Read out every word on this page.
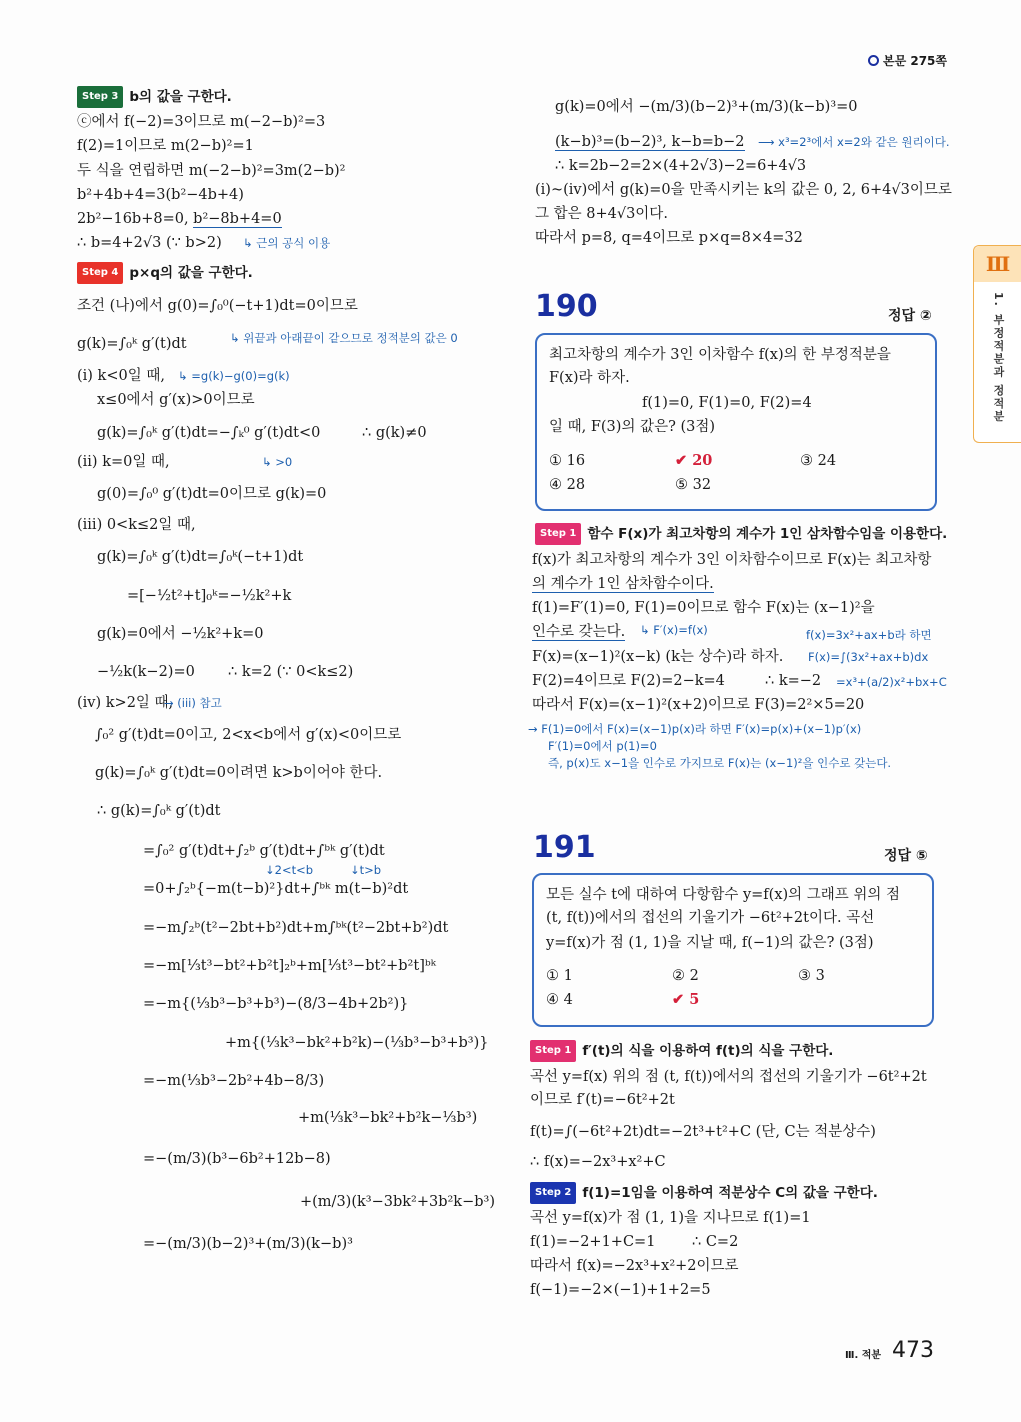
본문 275쪽
Ⅲ
1. 부정적분과 정적분
Step 3 b의 값을 구한다.
ⓒ에서 f(−2)=3이므로 m(−2−b)²=3
f(2)=1이므로 m(2−b)²=1
두 식을 연립하면 m(−2−b)²=3m(2−b)²
b²+4b+4=3(b²−4b+4)
2b²−16b+8=0, b²−8b+4=0
∴ b=4+2√3 (∵ b>2) ↳ 근의 공식 이용
Step 4 p×q의 값을 구한다.
조건 (나)에서 g(0)=∫₀⁰(−t+1)dt=0이므로
↳ 위끝과 아래끝이 같으므로 정적분의 값은 0
g(k)=∫₀ᵏ g′(t)dt
(i) k<0일 때, ↳ =g(k)−g(0)=g(k)
x≤0에서 g′(x)>0이므로
g(k)=∫₀ᵏ g′(t)dt=−∫ₖ⁰ g′(t)dt<0	∴ g(k)≠0
(ii) k=0일 때,	↳ >0
g(0)=∫₀⁰ g′(t)dt=0이므로 g(k)=0
(iii) 0<k≤2일 때,
g(k)=∫₀ᵏ g′(t)dt=∫₀ᵏ(−t+1)dt
=[−½t²+t]₀ᵏ=−½k²+k
g(k)=0에서 −½k²+k=0
−½k(k−2)=0 ∴ k=2 (∵ 0<k≤2)
(iv) k>2일 때,
→ (iii) 참고
∫₀² g′(t)dt=0이고, 2<x<b에서 g′(x)<0이므로
g(k)=∫₀ᵏ g′(t)dt=0이려면 k>b이어야 한다.
∴ g(k)=∫₀ᵏ g′(t)dt
=∫₀² g′(t)dt+∫₂ᵇ g′(t)dt+∫ᵇᵏ g′(t)dt
↓2<t<b	↓t>b
=0+∫₂ᵇ{−m(t−b)²}dt+∫ᵇᵏ m(t−b)²dt
=−m∫₂ᵇ(t²−2bt+b²)dt+m∫ᵇᵏ(t²−2bt+b²)dt
=−m[⅓t³−bt²+b²t]₂ᵇ+m[⅓t³−bt²+b²t]ᵇᵏ
=−m{(⅓b³−b³+b³)−(8/3−4b+2b²)}
+m{(⅓k³−bk²+b²k)−(⅓b³−b³+b³)}
=−m(⅓b³−2b²+4b−8/3)
+m(⅓k³−bk²+b²k−⅓b³)
=−(m/3)(b³−6b²+12b−8)
+(m/3)(k³−3bk²+3b²k−b³)
=−(m/3)(b−2)³+(m/3)(k−b)³
g(k)=0에서 −(m/3)(b−2)³+(m/3)(k−b)³=0
(k−b)³=(b−2)³, k−b=b−2 ⟶ x³=2³에서 x=2와 같은 원리이다.
∴ k=2b−2=2×(4+2√3)−2=6+4√3
(i)~(iv)에서 g(k)=0을 만족시키는 k의 값은 0, 2, 6+4√3이므로
그 합은 8+4√3이다.
따라서 p=8, q=4이므로 p×q=8×4=32
190	정답 ②
최고차항의 계수가 3인 이차함수 f(x)의 한 부정적분을
F(x)라 하자.
f(1)=0, F(1)=0, F(2)=4
일 때, F(3)의 값은? (3점)
① 16	✔ 20	③ 24
④ 28	⑤ 32
Step 1 함수 F(x)가 최고차항의 계수가 1인 삼차함수임을 이용한다.
f(x)가 최고차항의 계수가 3인 이차함수이므로 F(x)는 최고차항
의 계수가 1인 삼차함수이다.
f(1)=F′(1)=0, F(1)=0이므로 함수 F(x)는 (x−1)²을
인수로 갖는다. ↳ F′(x)=f(x)	f(x)=3x²+ax+b라 하면
F(x)=(x−1)²(x−k) (k는 상수)라 하자. F(x)=∫(3x²+ax+b)dx
F(2)=4이므로 F(2)=2−k=4	∴ k=−2 =x³+(a/2)x²+bx+C
따라서 F(x)=(x−1)²(x+2)이므로 F(3)=2²×5=20
→ F(1)=0에서 F(x)=(x−1)p(x)라 하면 F′(x)=p(x)+(x−1)p′(x)
F′(1)=0에서 p(1)=0
즉, p(x)도 x−1을 인수로 가지므로 F(x)는 (x−1)²을 인수로 갖는다.
191	정답 ⑤
모든 실수 t에 대하여 다항함수 y=f(x)의 그래프 위의 점
(t, f(t))에서의 접선의 기울기가 −6t²+2t이다. 곡선
y=f(x)가 점 (1, 1)을 지날 때, f(−1)의 값은? (3점)
① 1	② 2	③ 3
④ 4	✔ 5
Step 1 f′(t)의 식을 이용하여 f(t)의 식을 구한다.
곡선 y=f(x) 위의 점 (t, f(t))에서의 접선의 기울기가 −6t²+2t
이므로 f′(t)=−6t²+2t
f(t)=∫(−6t²+2t)dt=−2t³+t²+C (단, C는 적분상수)
∴ f(x)=−2x³+x²+C
Step 2 f(1)=1임을 이용하여 적분상수 C의 값을 구한다.
곡선 y=f(x)가 점 (1, 1)을 지나므로 f(1)=1
f(1)=−2+1+C=1	∴ C=2
따라서 f(x)=−2x³+x²+2이므로
f(−1)=−2×(−1)+1+2=5
Ⅲ. 적분 473
